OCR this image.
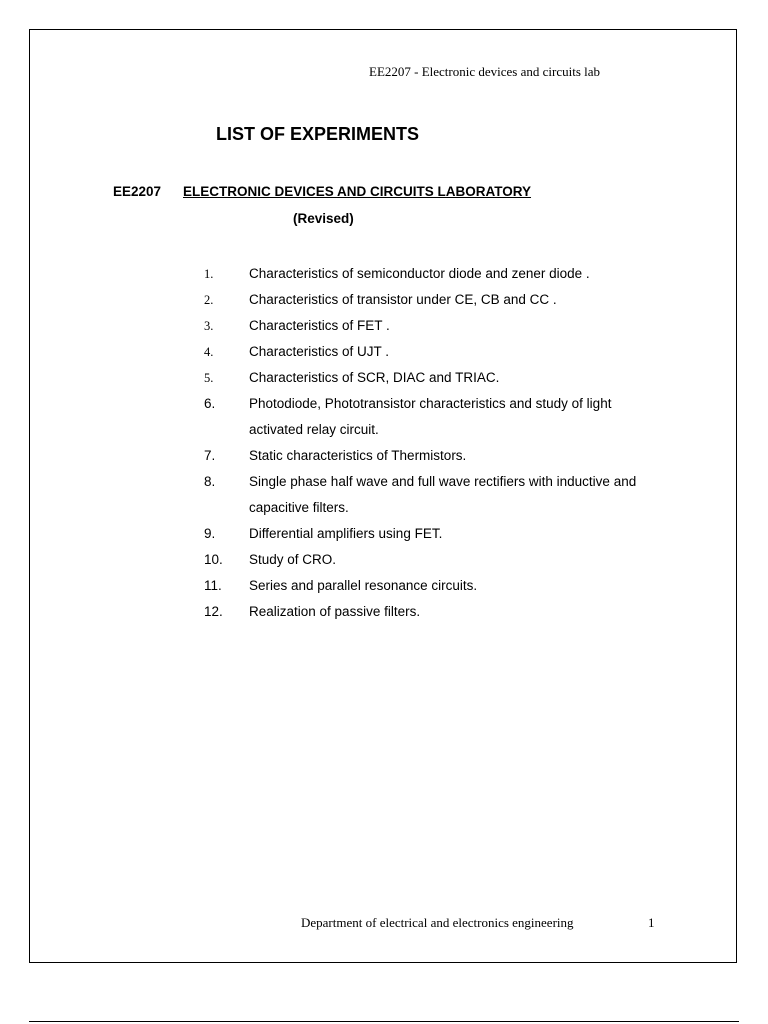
EE2207 - Electronic devices and circuits lab
LIST OF EXPERIMENTS
EE2207 ELECTRONIC DEVICES AND CIRCUITS LABORATORY
(Revised)
1.	Characteristics of semiconductor diode and zener diode .
2.	Characteristics of transistor under CE, CB and CC .
3.	Characteristics of FET .
4.	Characteristics of UJT .
5.	Characteristics of SCR, DIAC and TRIAC.
6.	Photodiode, Phototransistor characteristics and study of light activated relay circuit.
7. Static characteristics of Thermistors.
8.	Single phase half wave and full wave rectifiers with inductive and capacitive filters.
9. Differential amplifiers using FET.
10. Study of CRO.
11. Series and parallel resonance circuits.
12. Realization of passive filters.
Department of electrical and electronics engineering	1
